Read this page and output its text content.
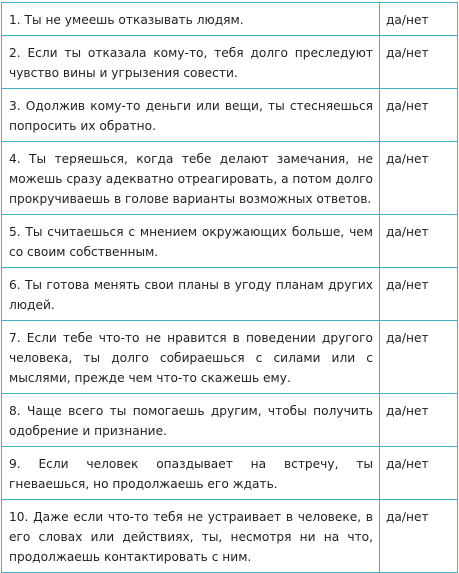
1. Ты не умеешь отказывать людям.	да/нет
2. Если ты отказала кому-то, тебя долго преследуют чувство вины и угрызения совести.	да/нет
3. Одолжив кому-то деньги или вещи, ты стесняешься попросить их обратно.	да/нет
4. Ты теряешься, когда тебе делают замечания, не можешь сразу адекватно отреагировать, а потом долго прокручиваешь в голове варианты возможных ответов.	да/нет
5. Ты считаешься с мнением окружающих больше, чем со своим собственным.	да/нет
6. Ты готова менять свои планы в угоду планам других людей.	да/нет
7. Если тебе что-то не нравится в поведении другого человека, ты долго собираешься с силами или с мыслями, прежде чем что-то скажешь ему.	да/нет
8. Чаще всего ты помогаешь другим, чтобы получить одобрение и признание.	да/нет
9. Если человек опаздывает на встречу, ты гневаешься, но продолжаешь его ждать.	да/нет
10. Даже если что-то тебя не устраивает в человеке, в его словах или действиях, ты, несмотря ни на что, продолжаешь контактировать с ним.	да/нет
